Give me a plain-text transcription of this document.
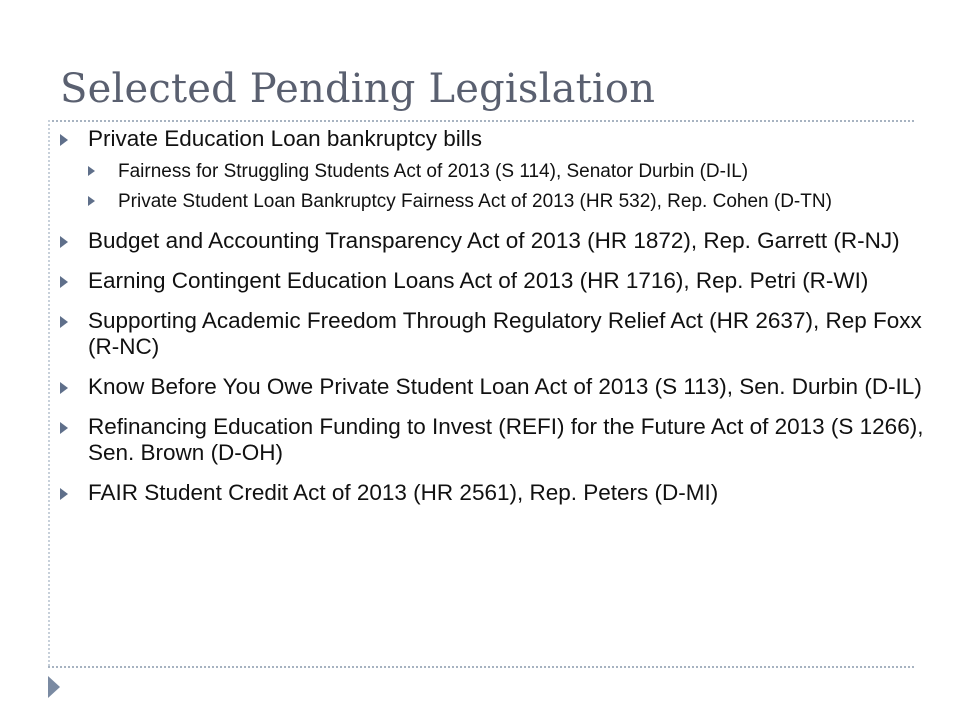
Selected Pending Legislation
Private Education Loan bankruptcy bills
Fairness for Struggling Students Act of 2013 (S 114), Senator Durbin (D-IL)
Private Student Loan Bankruptcy Fairness Act of 2013 (HR 532), Rep. Cohen (D-TN)
Budget and Accounting Transparency Act of 2013 (HR 1872), Rep. Garrett (R-NJ)
Earning Contingent Education Loans Act of 2013 (HR 1716), Rep. Petri (R-WI)
Supporting Academic Freedom Through Regulatory Relief Act (HR 2637), Rep Foxx (R-NC)
Know Before You Owe Private Student Loan Act of 2013 (S 113), Sen. Durbin (D-IL)
Refinancing Education Funding to Invest (REFI) for the Future Act of 2013 (S 1266), Sen. Brown (D-OH)
FAIR Student Credit Act of 2013 (HR 2561), Rep. Peters (D-MI)
